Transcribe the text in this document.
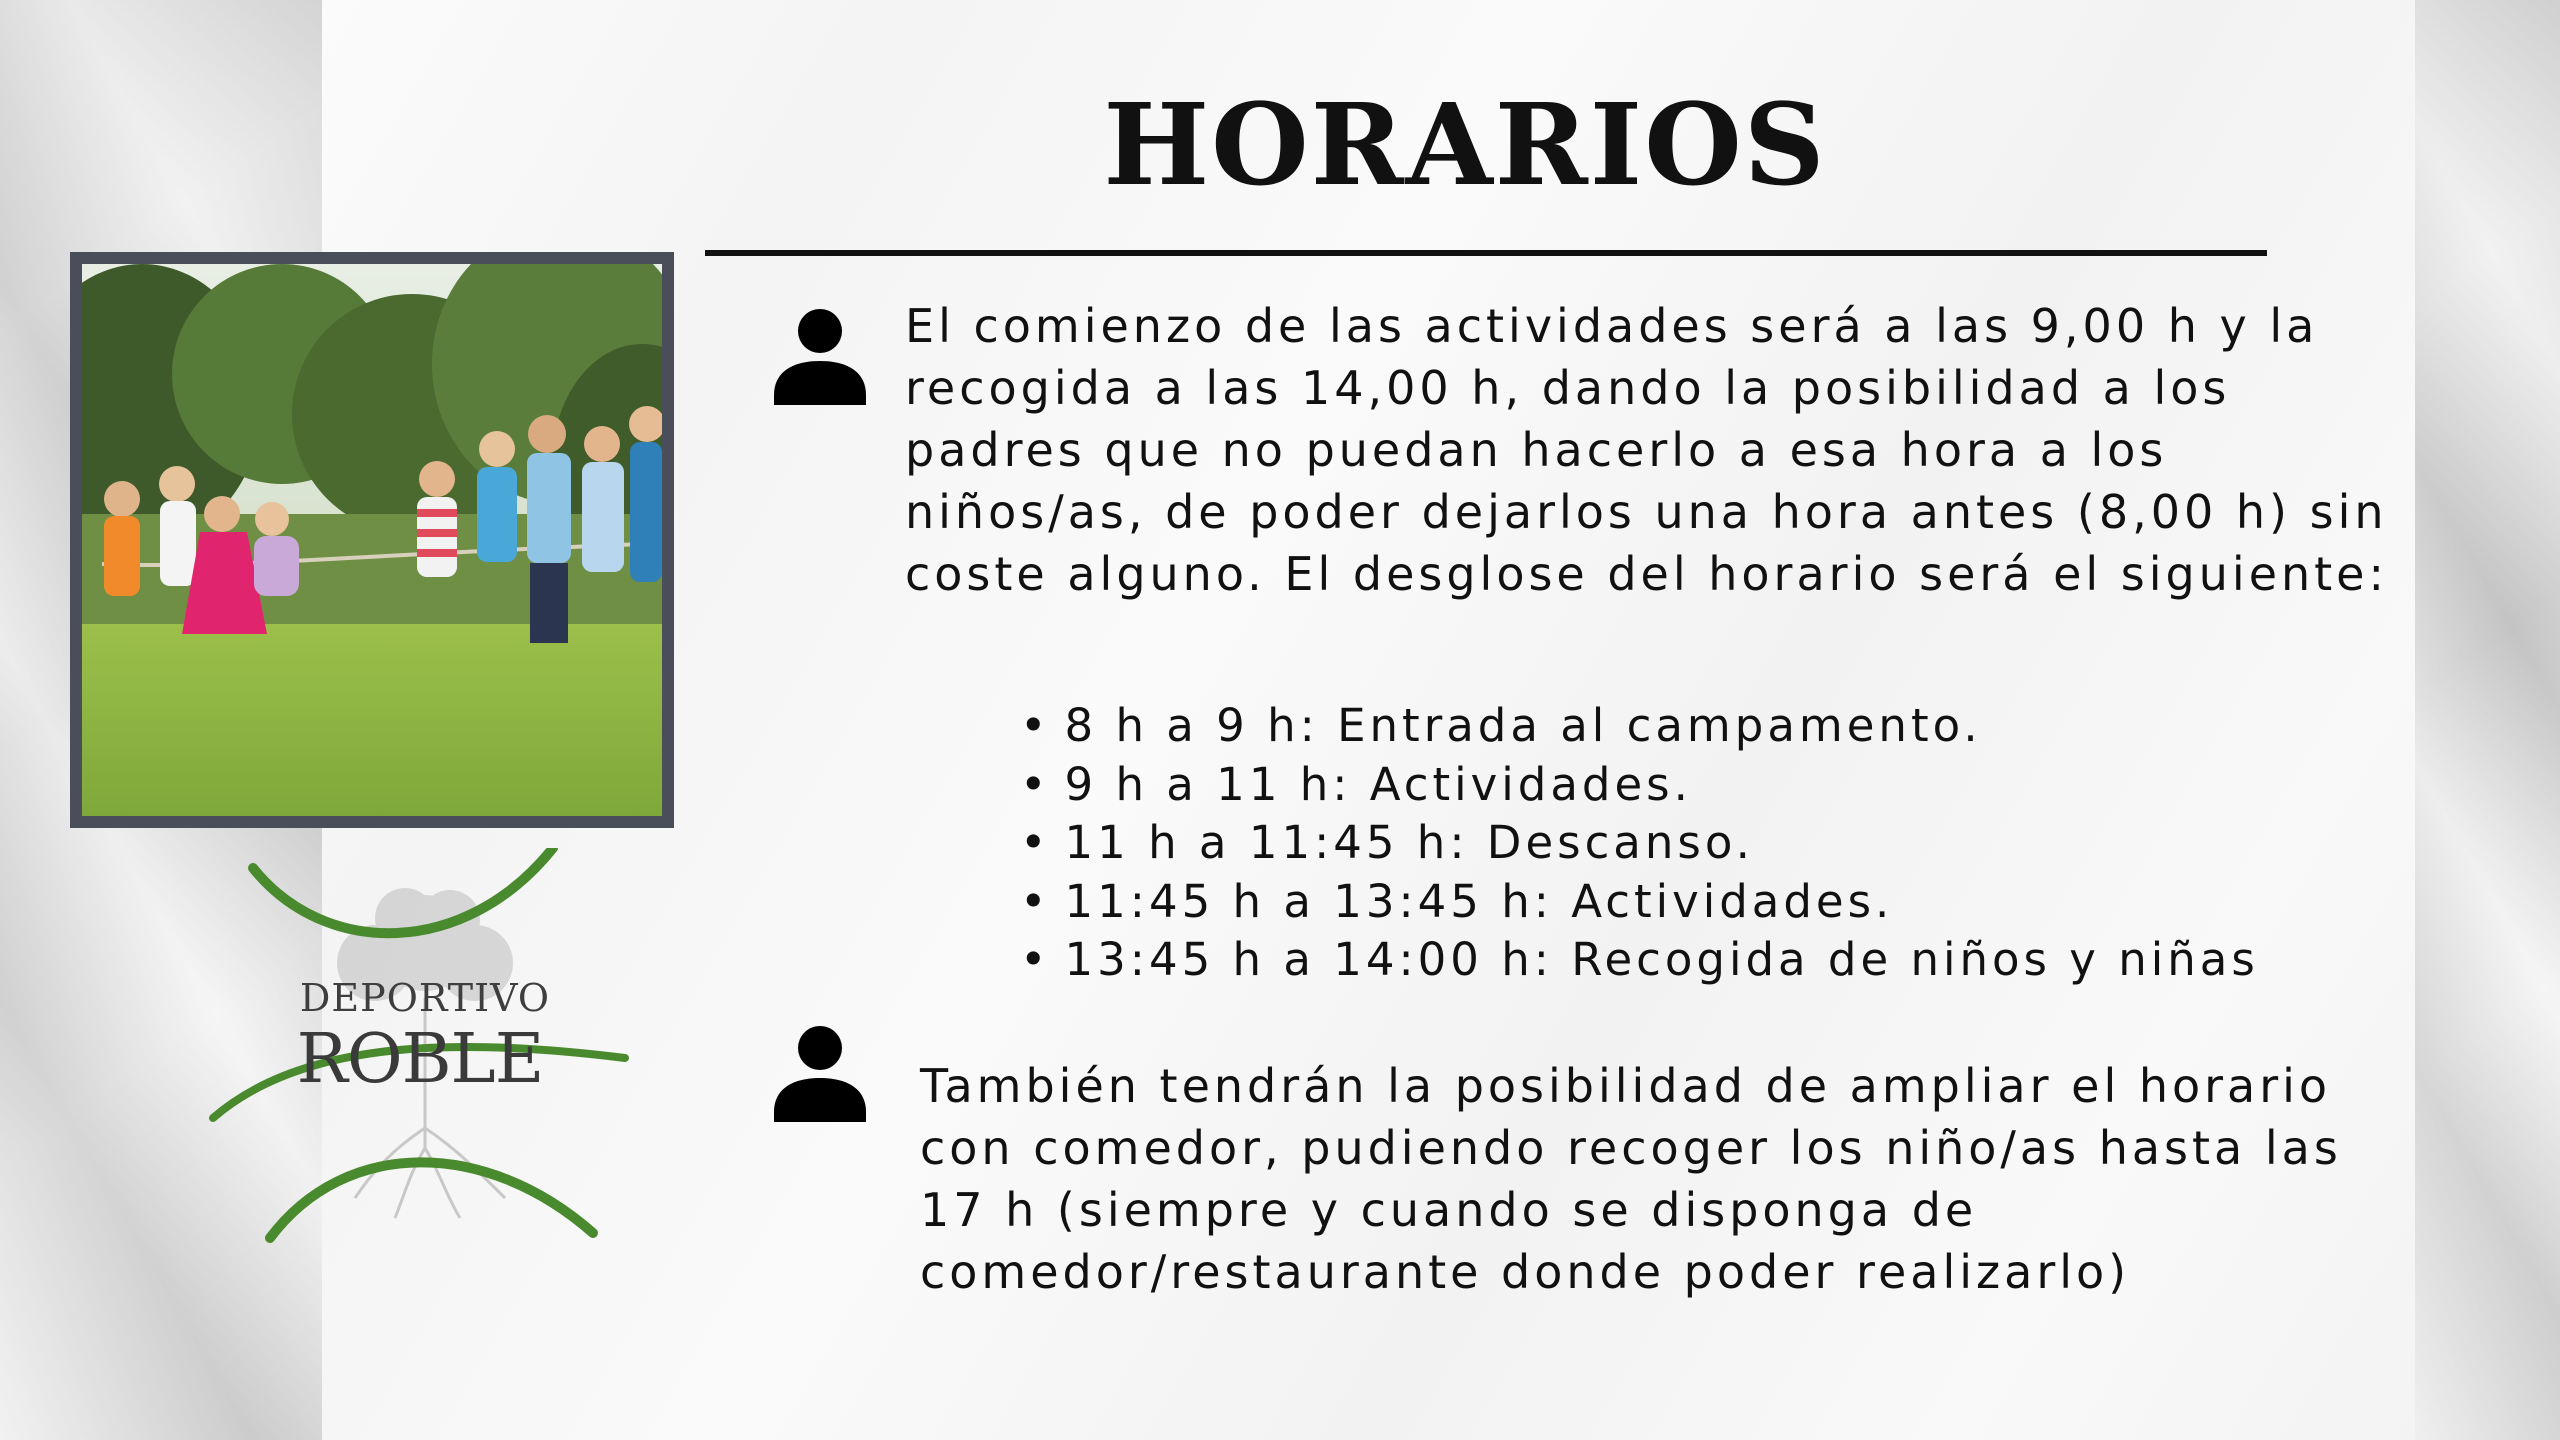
HORARIOS
DEPORTIVO
ROBLE

El comienzo de las actividades será a las 9,00 h y la recogida a las 14,00 h, dando la posibilidad a los padres que no puedan hacerlo a esa hora a los niños/as, de poder dejarlos una hora antes (8,00 h) sin coste alguno. El desglose del horario será el siguiente:

• 8 h a 9 h: Entrada al campamento.
• 9 h a 11 h: Actividades.
• 11 h a 11:45 h: Descanso.
• 11:45 h a 13:45 h: Actividades.
• 13:45 h a 14:00 h: Recogida de niños y niñas

También tendrán la posibilidad de ampliar el horario con comedor, pudiendo recoger los niño/as hasta las 17 h (siempre y cuando se disponga de comedor/restaurante donde poder realizarlo)
